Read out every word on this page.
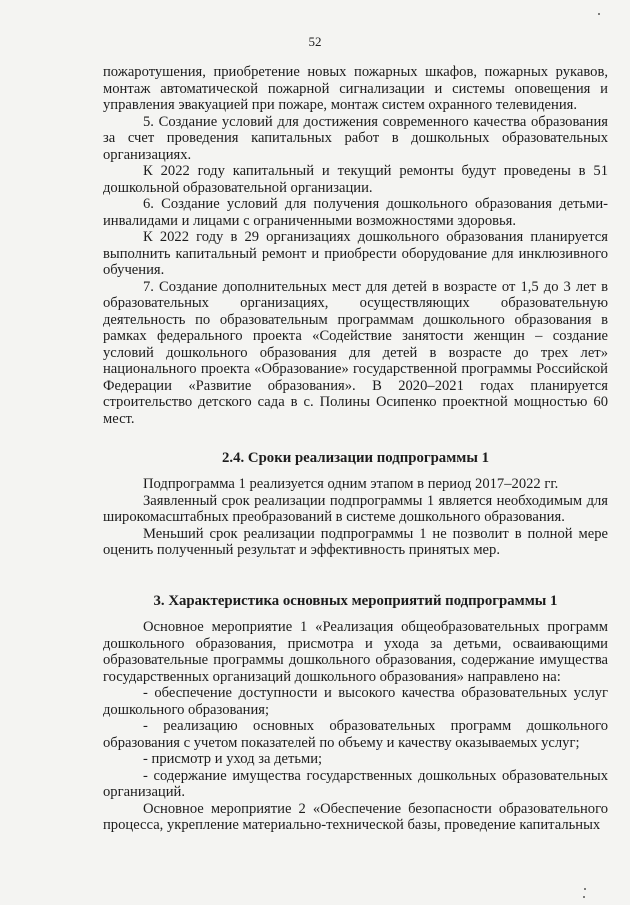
52

пожаротушения, приобретение новых пожарных шкафов, пожарных рукавов, монтаж автоматической пожарной сигнализации и системы оповещения и управления эвакуацией при пожаре, монтаж систем охранного телевидения.

5. Создание условий для достижения современного качества образования за счет проведения капитальных работ в дошкольных образовательных организациях.

К 2022 году капитальный и текущий ремонты будут проведены в 51 дошкольной образовательной организации.

6. Создание условий для получения дошкольного образования детьми-инвалидами и лицами с ограниченными возможностями здоровья.

К 2022 году в 29 организациях дошкольного образования планируется выполнить капитальный ремонт и приобрести оборудование для инклюзивного обучения.

7. Создание дополнительных мест для детей в возрасте от 1,5 до 3 лет в образовательных организациях, осуществляющих образовательную деятельность по образовательным программам дошкольного образования в рамках федерального проекта «Содействие занятости женщин – создание условий дошкольного образования для детей в возрасте до трех лет» национального проекта «Образование» государственной программы Российской Федерации «Развитие образования». В 2020–2021 годах планируется строительство детского сада в с. Полины Осипенко проектной мощностью 60 мест.

2.4. Сроки реализации подпрограммы 1

Подпрограмма 1 реализуется одним этапом в период 2017–2022 гг.

Заявленный срок реализации подпрограммы 1 является необходимым для широкомасштабных преобразований в системе дошкольного образования.

Меньший срок реализации подпрограммы 1 не позволит в полной мере оценить полученный результат и эффективность принятых мер.

3. Характеристика основных мероприятий подпрограммы 1

Основное мероприятие 1 «Реализация общеобразовательных программ дошкольного образования, присмотра и ухода за детьми, осваивающими образовательные программы дошкольного образования, содержание имущества государственных организаций дошкольного образования» направлено на:

- обеспечение доступности и высокого качества образовательных услуг дошкольного образования;

- реализацию основных образовательных программ дошкольного образования с учетом показателей по объему и качеству оказываемых услуг;

- присмотр и уход за детьми;

- содержание имущества государственных дошкольных образовательных организаций.

Основное мероприятие 2 «Обеспечение безопасности образовательного процесса, укрепление материально-технической базы, проведение капитальных
